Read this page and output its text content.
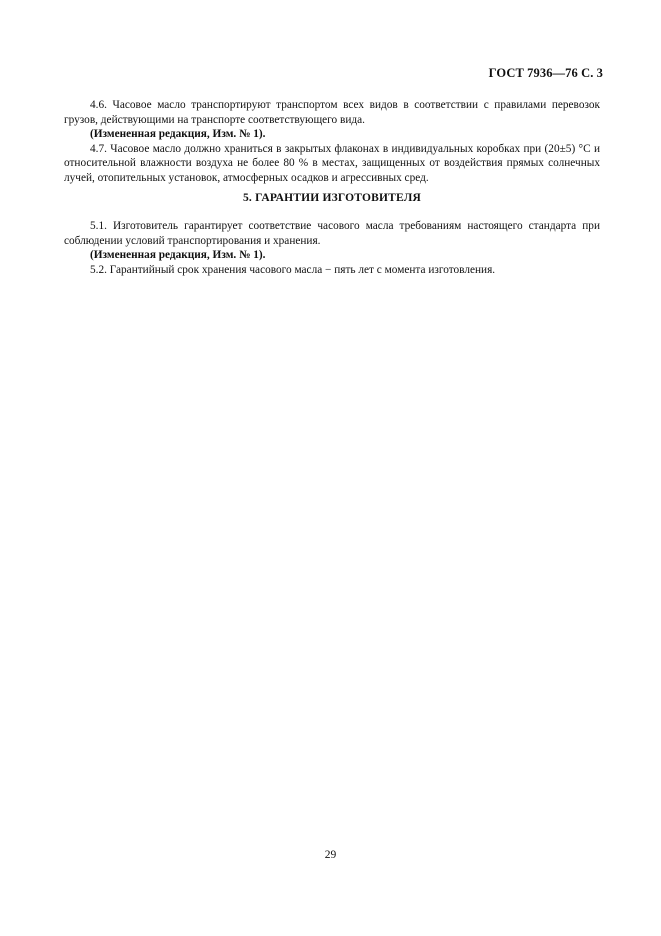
ГОСТ 7936—76 С. 3

4.6. Часовое масло транспортируют транспортом всех видов в соответствии с правилами перевозок грузов, действующими на транспорте соответствующего вида.

(Измененная редакция, Изм. № 1).

4.7. Часовое масло должно храниться в закрытых флаконах в индивидуальных коробках при (20±5) °С и относительной влажности воздуха не более 80 % в местах, защищенных от воздействия прямых солнечных лучей, отопительных установок, атмосферных осадков и агрессивных сред.

5. ГАРАНТИИ ИЗГОТОВИТЕЛЯ

5.1. Изготовитель гарантирует соответствие часового масла требованиям настоящего стандарта при соблюдении условий транспортирования и хранения.

(Измененная редакция, Изм. № 1).

5.2. Гарантийный срок хранения часового масла − пять лет с момента изготовления.

29
